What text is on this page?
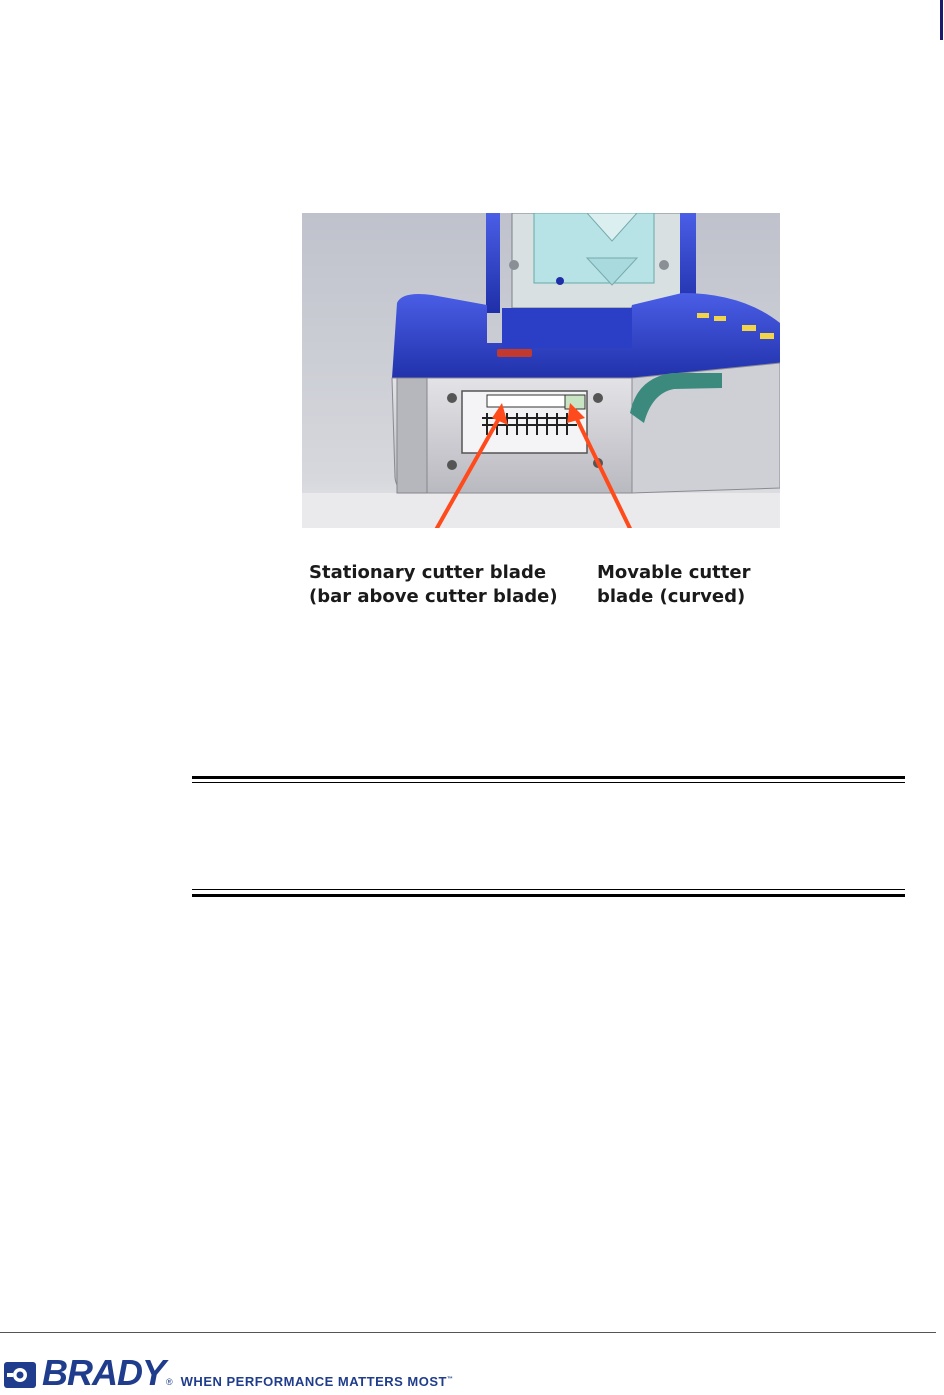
Stationary cutter blade
(bar above cutter blade)
Movable cutter
blade (curved)
BRADY ® WHEN PERFORMANCE MATTERS MOST™
